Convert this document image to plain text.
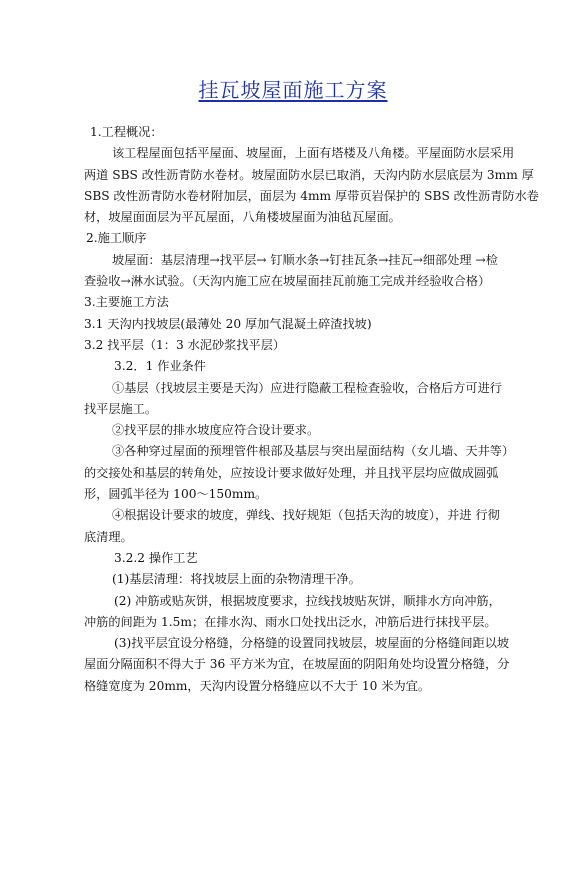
挂瓦坡屋面施工方案
1.工程概况：
该工程屋面包括平屋面、坡屋面，上面有塔楼及八角楼。平屋面防水层采用
两道 SBS 改性沥青防水卷材。坡屋面防水层已取消，天沟内防水层底层为 3mm 厚
SBS 改性沥青防水卷材附加层，面层为 4mm 厚带页岩保护的 SBS 改性沥青防水卷
材，坡屋面面层为平瓦屋面，八角楼坡屋面为油毡瓦屋面。
2.施工顺序
坡屋面：基层清理→找平层→ 钉顺水条→钉挂瓦条→挂瓦→细部处理 →检
查验收→淋水试验。（天沟内施工应在坡屋面挂瓦前施工完成并经验收合格）
3.主要施工方法
3.1 天沟内找坡层(最薄处 20 厚加气混凝土碎渣找坡)
3.2 找平层（1：3 水泥砂浆找平层）
3.2．1 作业条件
①基层（找坡层主要是天沟）应进行隐蔽工程检查验收，合格后方可进行
找平层施工。
②找平层的排水坡度应符合设计要求。
③各种穿过屋面的预埋管件根部及基层与突出屋面结构（女儿墙、天井等）
的交接处和基层的转角处，应按设计要求做好处理，并且找平层均应做成圆弧
形，圆弧半径为 100～150mm。
④根据设计要求的坡度，弹线、找好规矩（包括天沟的坡度），并进 行彻
底清理。
3.2.2 操作工艺
(1)基层清理：将找坡层上面的杂物清理干净。
(2) 冲筋或贴灰饼，根据坡度要求，拉线找坡贴灰饼，顺排水方向冲筋，
冲筋的间距为 1.5m；在排水沟、雨水口处找出泛水，冲筋后进行抹找平层。
(3)找平层宜设分格缝，分格缝的设置同找坡层，坡屋面的分格缝间距以坡
屋面分隔面积不得大于 36 平方米为宜，在坡屋面的阴阳角处均设置分格缝，分
格缝宽度为 20mm，天沟内设置分格缝应以不大于 10 米为宜。
